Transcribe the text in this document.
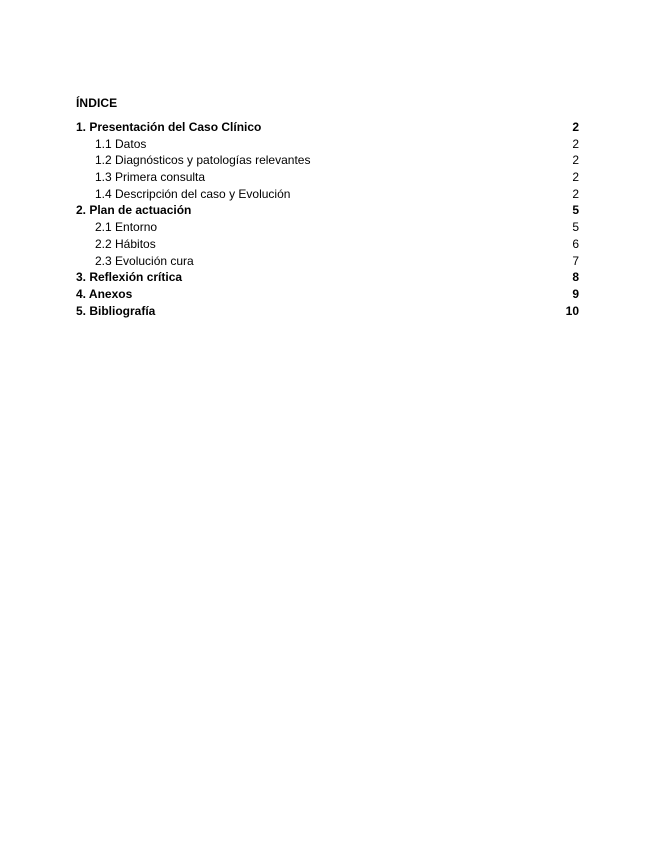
ÍNDICE
1. Presentación del Caso Clínico	2
1.1 Datos	2
1.2 Diagnósticos y patologías relevantes	2
1.3 Primera consulta	2
1.4 Descripción del caso y Evolución	2
2. Plan de actuación	5
2.1 Entorno	5
2.2 Hábitos	6
2.3 Evolución cura	7
3. Reflexión crítica	8
4. Anexos	9
5. Bibliografía	10
